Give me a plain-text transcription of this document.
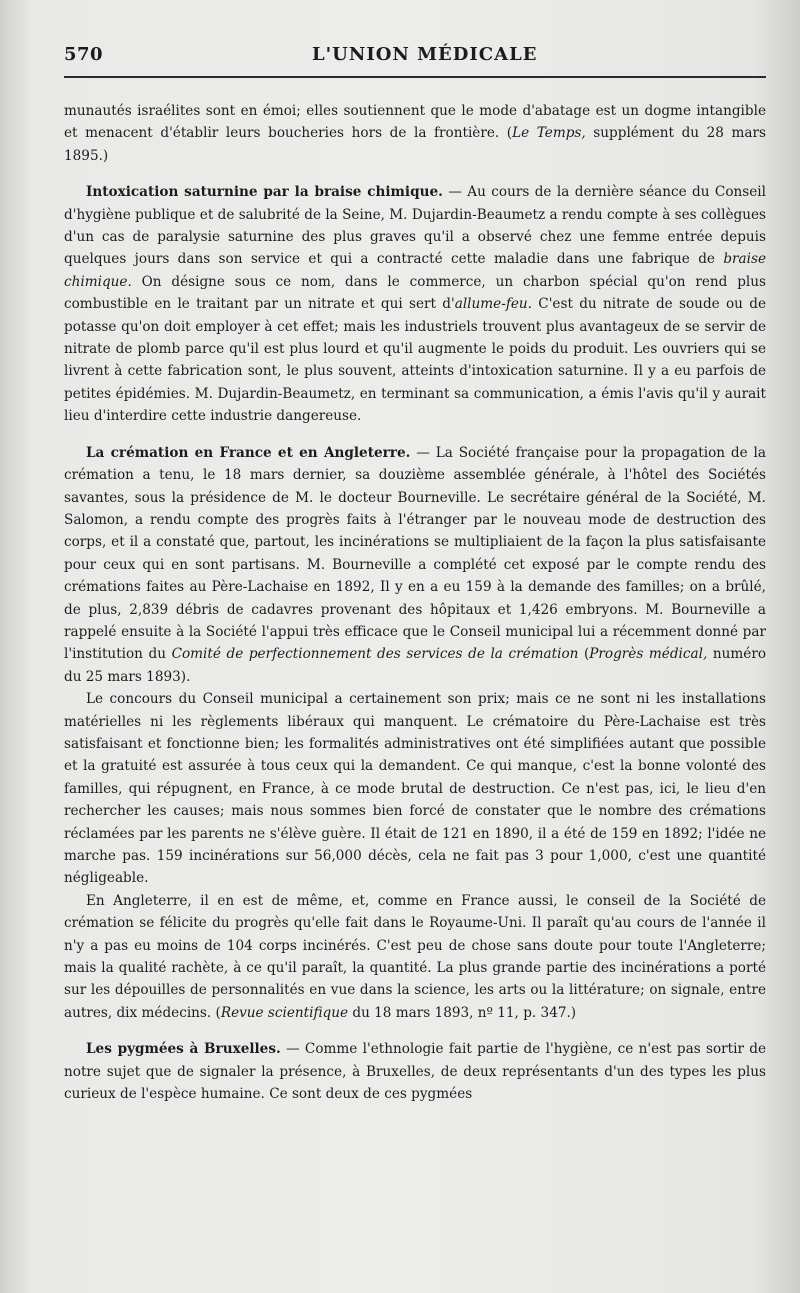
570	L'UNION MÉDICALE

munautés israélites sont en émoi; elles soutiennent que le mode d'abatage est un dogme intangible et menacent d'établir leurs boucheries hors de la frontière. (Le Temps, supplément du 28 mars 1895.)

Intoxication saturnine par la braise chimique. — Au cours de la dernière séance du Conseil d'hygiène publique et de salubrité de la Seine, M. Dujardin-Beaumetz a rendu compte à ses collègues d'un cas de paralysie saturnine des plus graves qu'il a observé chez une femme entrée depuis quelques jours dans son service et qui a contracté cette maladie dans une fabrique de braise chimique. On désigne sous ce nom, dans le commerce, un charbon spécial qu'on rend plus combustible en le traitant par un nitrate et qui sert d'allume-feu. C'est du nitrate de soude ou de potasse qu'on doit employer à cet effet; mais les industriels trouvent plus avantageux de se servir de nitrate de plomb parce qu'il est plus lourd et qu'il augmente le poids du produit. Les ouvriers qui se livrent à cette fabrication sont, le plus souvent, atteints d'intoxication saturnine. Il y a eu parfois de petites épidémies. M. Dujardin-Beaumetz, en terminant sa communication, a émis l'avis qu'il y aurait lieu d'interdire cette industrie dangereuse.

La crémation en France et en Angleterre. — La Société française pour la propagation de la crémation a tenu, le 18 mars dernier, sa douzième assemblée générale, à l'hôtel des Sociétés savantes, sous la présidence de M. le docteur Bourneville. Le secrétaire général de la Société, M. Salomon, a rendu compte des progrès faits à l'étranger par le nouveau mode de destruction des corps, et il a constaté que, partout, les incinérations se multipliaient de la façon la plus satisfaisante pour ceux qui en sont partisans. M. Bourneville a complété cet exposé par le compte rendu des crémations faites au Père-Lachaise en 1892, Il y en a eu 159 à la demande des familles; on a brûlé, de plus, 2,839 débris de cadavres provenant des hôpitaux et 1,426 embryons. M. Bourneville a rappelé ensuite à la Société l'appui très efficace que le Conseil municipal lui a récemment donné par l'institution du Comité de perfectionnement des services de la crémation (Progrès médical, numéro du 25 mars 1893).

Le concours du Conseil municipal a certainement son prix; mais ce ne sont ni les installations matérielles ni les règlements libéraux qui manquent. Le crématoire du Père-Lachaise est très satisfaisant et fonctionne bien; les formalités administratives ont été simplifiées autant que possible et la gratuité est assurée à tous ceux qui la demandent. Ce qui manque, c'est la bonne volonté des familles, qui répugnent, en France, à ce mode brutal de destruction. Ce n'est pas, ici, le lieu d'en rechercher les causes; mais nous sommes bien forcé de constater que le nombre des crémations réclamées par les parents ne s'élève guère. Il était de 121 en 1890, il a été de 159 en 1892; l'idée ne marche pas. 159 incinérations sur 56,000 décès, cela ne fait pas 3 pour 1,000, c'est une quantité négligeable.

En Angleterre, il en est de même, et, comme en France aussi, le conseil de la Société de crémation se félicite du progrès qu'elle fait dans le Royaume-Uni. Il paraît qu'au cours de l'année il n'y a pas eu moins de 104 corps incinérés. C'est peu de chose sans doute pour toute l'Angleterre; mais la qualité rachète, à ce qu'il paraît, la quantité. La plus grande partie des incinérations a porté sur les dépouilles de personnalités en vue dans la science, les arts ou la littérature; on signale, entre autres, dix médecins. (Revue scientifique du 18 mars 1893, nº 11, p. 347.)

Les pygmées à Bruxelles. — Comme l'ethnologie fait partie de l'hygiène, ce n'est pas sortir de notre sujet que de signaler la présence, à Bruxelles, de deux représentants d'un des types les plus curieux de l'espèce humaine. Ce sont deux de ces pygmées
